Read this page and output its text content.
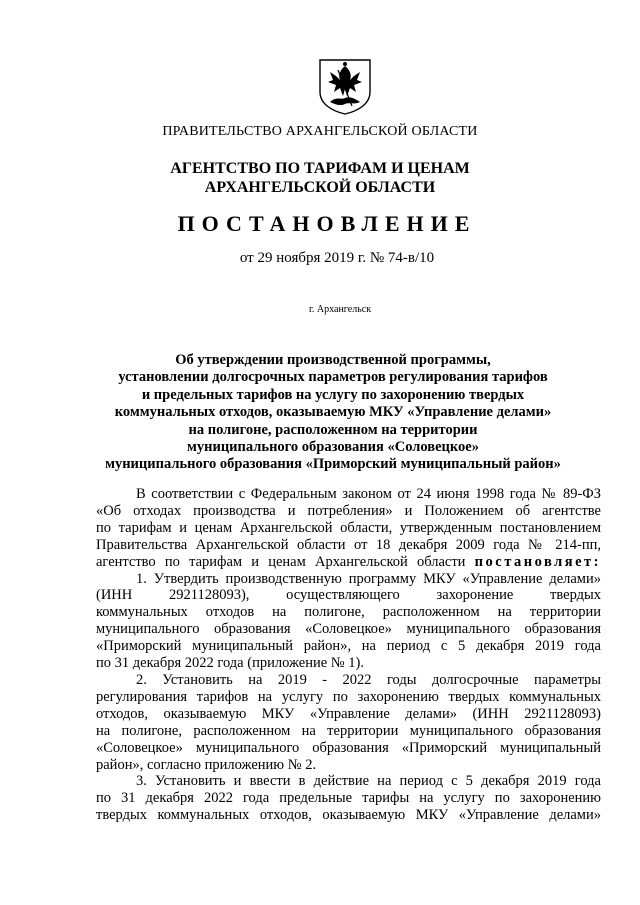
ПРАВИТЕЛЬСТВО АРХАНГЕЛЬСКОЙ ОБЛАСТИ
АГЕНТСТВО ПО ТАРИФАМ И ЦЕНАМ
АРХАНГЕЛЬСКОЙ ОБЛАСТИ
ПОСТАНОВЛЕНИЕ
от 29 ноября 2019 г. № 74-в/10
г. Архангельск
Об утверждении производственной программы,
установлении долгосрочных параметров регулирования тарифов
и предельных тарифов на услугу по захоронению твердых
коммунальных отходов, оказываемую МКУ «Управление делами»
на полигоне, расположенном на территории
муниципального образования «Соловецкое»
муниципального образования «Приморский муниципальный район»

В соответствии с Федеральным законом от 24 июня 1998 года № 89-ФЗ

«Об отходах производства и потребления» и Положением об агентстве

по тарифам и ценам Архангельской области, утвержденным постановлением

Правительства Архангельской области от 18 декабря 2009 года № 214-пп,

агентство по тарифам и ценам Архангельской области постановляет:

1. Утвердить производственную программу МКУ «Управление делами»

(ИНН 2921128093), осуществляющего захоронение твердых

коммунальных отходов на полигоне, расположенном на территории

муниципального образования «Соловецкое» муниципального образования

«Приморский муниципальный район», на период с 5 декабря 2019 года

по 31 декабря 2022 года (приложение № 1).

2. Установить на 2019 - 2022 годы долгосрочные параметры

регулирования тарифов на услугу по захоронению твердых коммунальных

отходов, оказываемую МКУ «Управление делами» (ИНН 2921128093)

на полигоне, расположенном на территории муниципального образования

«Соловецкое» муниципального образования «Приморский муниципальный

район», согласно приложению № 2.

3. Установить и ввести в действие на период с 5 декабря 2019 года

по 31 декабря 2022 года предельные тарифы на услугу по захоронению

твердых коммунальных отходов, оказываемую МКУ «Управление делами»
